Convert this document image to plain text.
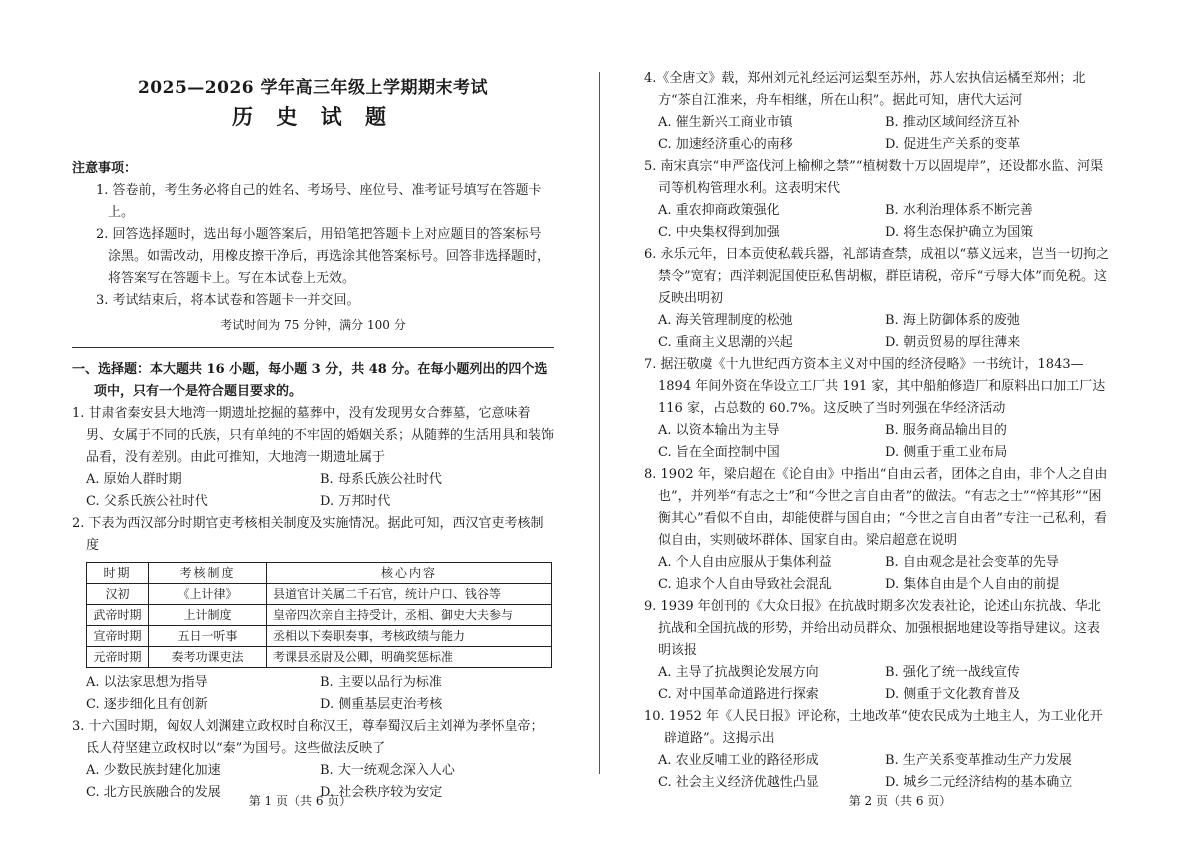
2025—2026 学年高三年级上学期期末考试
历 史 试 题
注意事项：
1. 答卷前，考生务必将自己的姓名、考场号、座位号、准考证号填写在答题卡上。
2. 回答选择题时，选出每小题答案后，用铅笔把答题卡上对应题目的答案标号涂黑。如需改动，用橡皮擦干净后，再选涂其他答案标号。回答非选择题时，将答案写在答题卡上。写在本试卷上无效。
3. 考试结束后，将本试卷和答题卡一并交回。
考试时间为 75 分钟，满分 100 分
一、选择题：本大题共 16 小题，每小题 3 分，共 48 分。在每小题列出的四个选项中，只有一个是符合题目要求的。
1. 甘肃省秦安县大地湾一期遗址挖掘的墓葬中，没有发现男女合葬墓，它意味着男、女属于不同的氏族，只有单纯的不牢固的婚姻关系；从随葬的生活用具和装饰品看，没有差别。由此可推知，大地湾一期遗址属于
A. 原始人群时期	B. 母系氏族公社时代
C. 父系氏族公社时代	D. 万邦时代
2. 下表为西汉部分时期官吏考核相关制度及实施情况。据此可知，西汉官吏考核制度
时期	考核制度	核心内容
汉初	《上计律》	县道官计关属二千石官，统计户口、钱谷等
武帝时期	上计制度	皇帝四次亲自主持受计，丞相、御史大夫参与
宣帝时期	五日一听事	丞相以下奏职奏事，考核政绩与能力
元帝时期	奏考功课吏法	考课县丞尉及公卿，明确奖惩标准
A. 以法家思想为指导	B. 主要以品行为标准
C. 逐步细化且有创新	D. 侧重基层吏治考核
3. 十六国时期，匈奴人刘渊建立政权时自称汉王，尊奉蜀汉后主刘禅为孝怀皇帝；氐人苻坚建立政权时以“秦”为国号。这些做法反映了
A. 少数民族封建化加速	B. 大一统观念深入人心
C. 北方民族融合的发展	D. 社会秩序较为安定
第 1 页（共 6 页）
4.《全唐文》载，郑州刘元礼经运河运梨至苏州，苏人宏执信运橘至郑州；北方“茶自江淮来，舟车相继，所在山积”。据此可知，唐代大运河
A. 催生新兴工商业市镇	B. 推动区域间经济互补
C. 加速经济重心的南移	D. 促进生产关系的变革
5. 南宋真宗“申严盗伐河上榆柳之禁”“植树数十万以固堤岸”，还设都水监、河渠司等机构管理水利。这表明宋代
A. 重农抑商政策强化	B. 水利治理体系不断完善
C. 中央集权得到加强	D. 将生态保护确立为国策
6. 永乐元年，日本贡使私载兵器，礼部请查禁，成祖以“慕义远来，岂当一切拘之禁令”宽宥；西洋剌泥国使臣私售胡椒，群臣请税，帝斥“亏辱大体”而免税。这反映出明初
A. 海关管理制度的松弛	B. 海上防御体系的废弛
C. 重商主义思潮的兴起	D. 朝贡贸易的厚往薄来
7. 据汪敬虞《十九世纪西方资本主义对中国的经济侵略》一书统计，1843—1894 年间外资在华设立工厂共 191 家，其中船舶修造厂和原料出口加工厂达 116 家，占总数的 60.7%。这反映了当时列强在华经济活动
A. 以资本输出为主导	B. 服务商品输出目的
C. 旨在全面控制中国	D. 侧重于重工业布局
8. 1902 年，梁启超在《论自由》中指出“自由云者，团体之自由，非个人之自由也”，并列举“有志之士”和“今世之言自由者”的做法。“有志之士”“悴其形”“困衡其心”看似不自由，却能使群与国自由；“今世之言自由者”专注一己私利，看似自由，实则破坏群体、国家自由。梁启超意在说明
A. 个人自由应服从于集体利益	B. 自由观念是社会变革的先导
C. 追求个人自由导致社会混乱	D. 集体自由是个人自由的前提
9. 1939 年创刊的《大众日报》在抗战时期多次发表社论，论述山东抗战、华北抗战和全国抗战的形势，并给出动员群众、加强根据地建设等指导建议。这表明该报
A. 主导了抗战舆论发展方向	B. 强化了统一战线宣传
C. 对中国革命道路进行探索	D. 侧重于文化教育普及
10. 1952 年《人民日报》评论称，土地改革“使农民成为土地主人，为工业化开辟道路”。这揭示出
A. 农业反哺工业的路径形成	B. 生产关系变革推动生产力发展
C. 社会主义经济优越性凸显	D. 城乡二元经济结构的基本确立
第 2 页（共 6 页）
